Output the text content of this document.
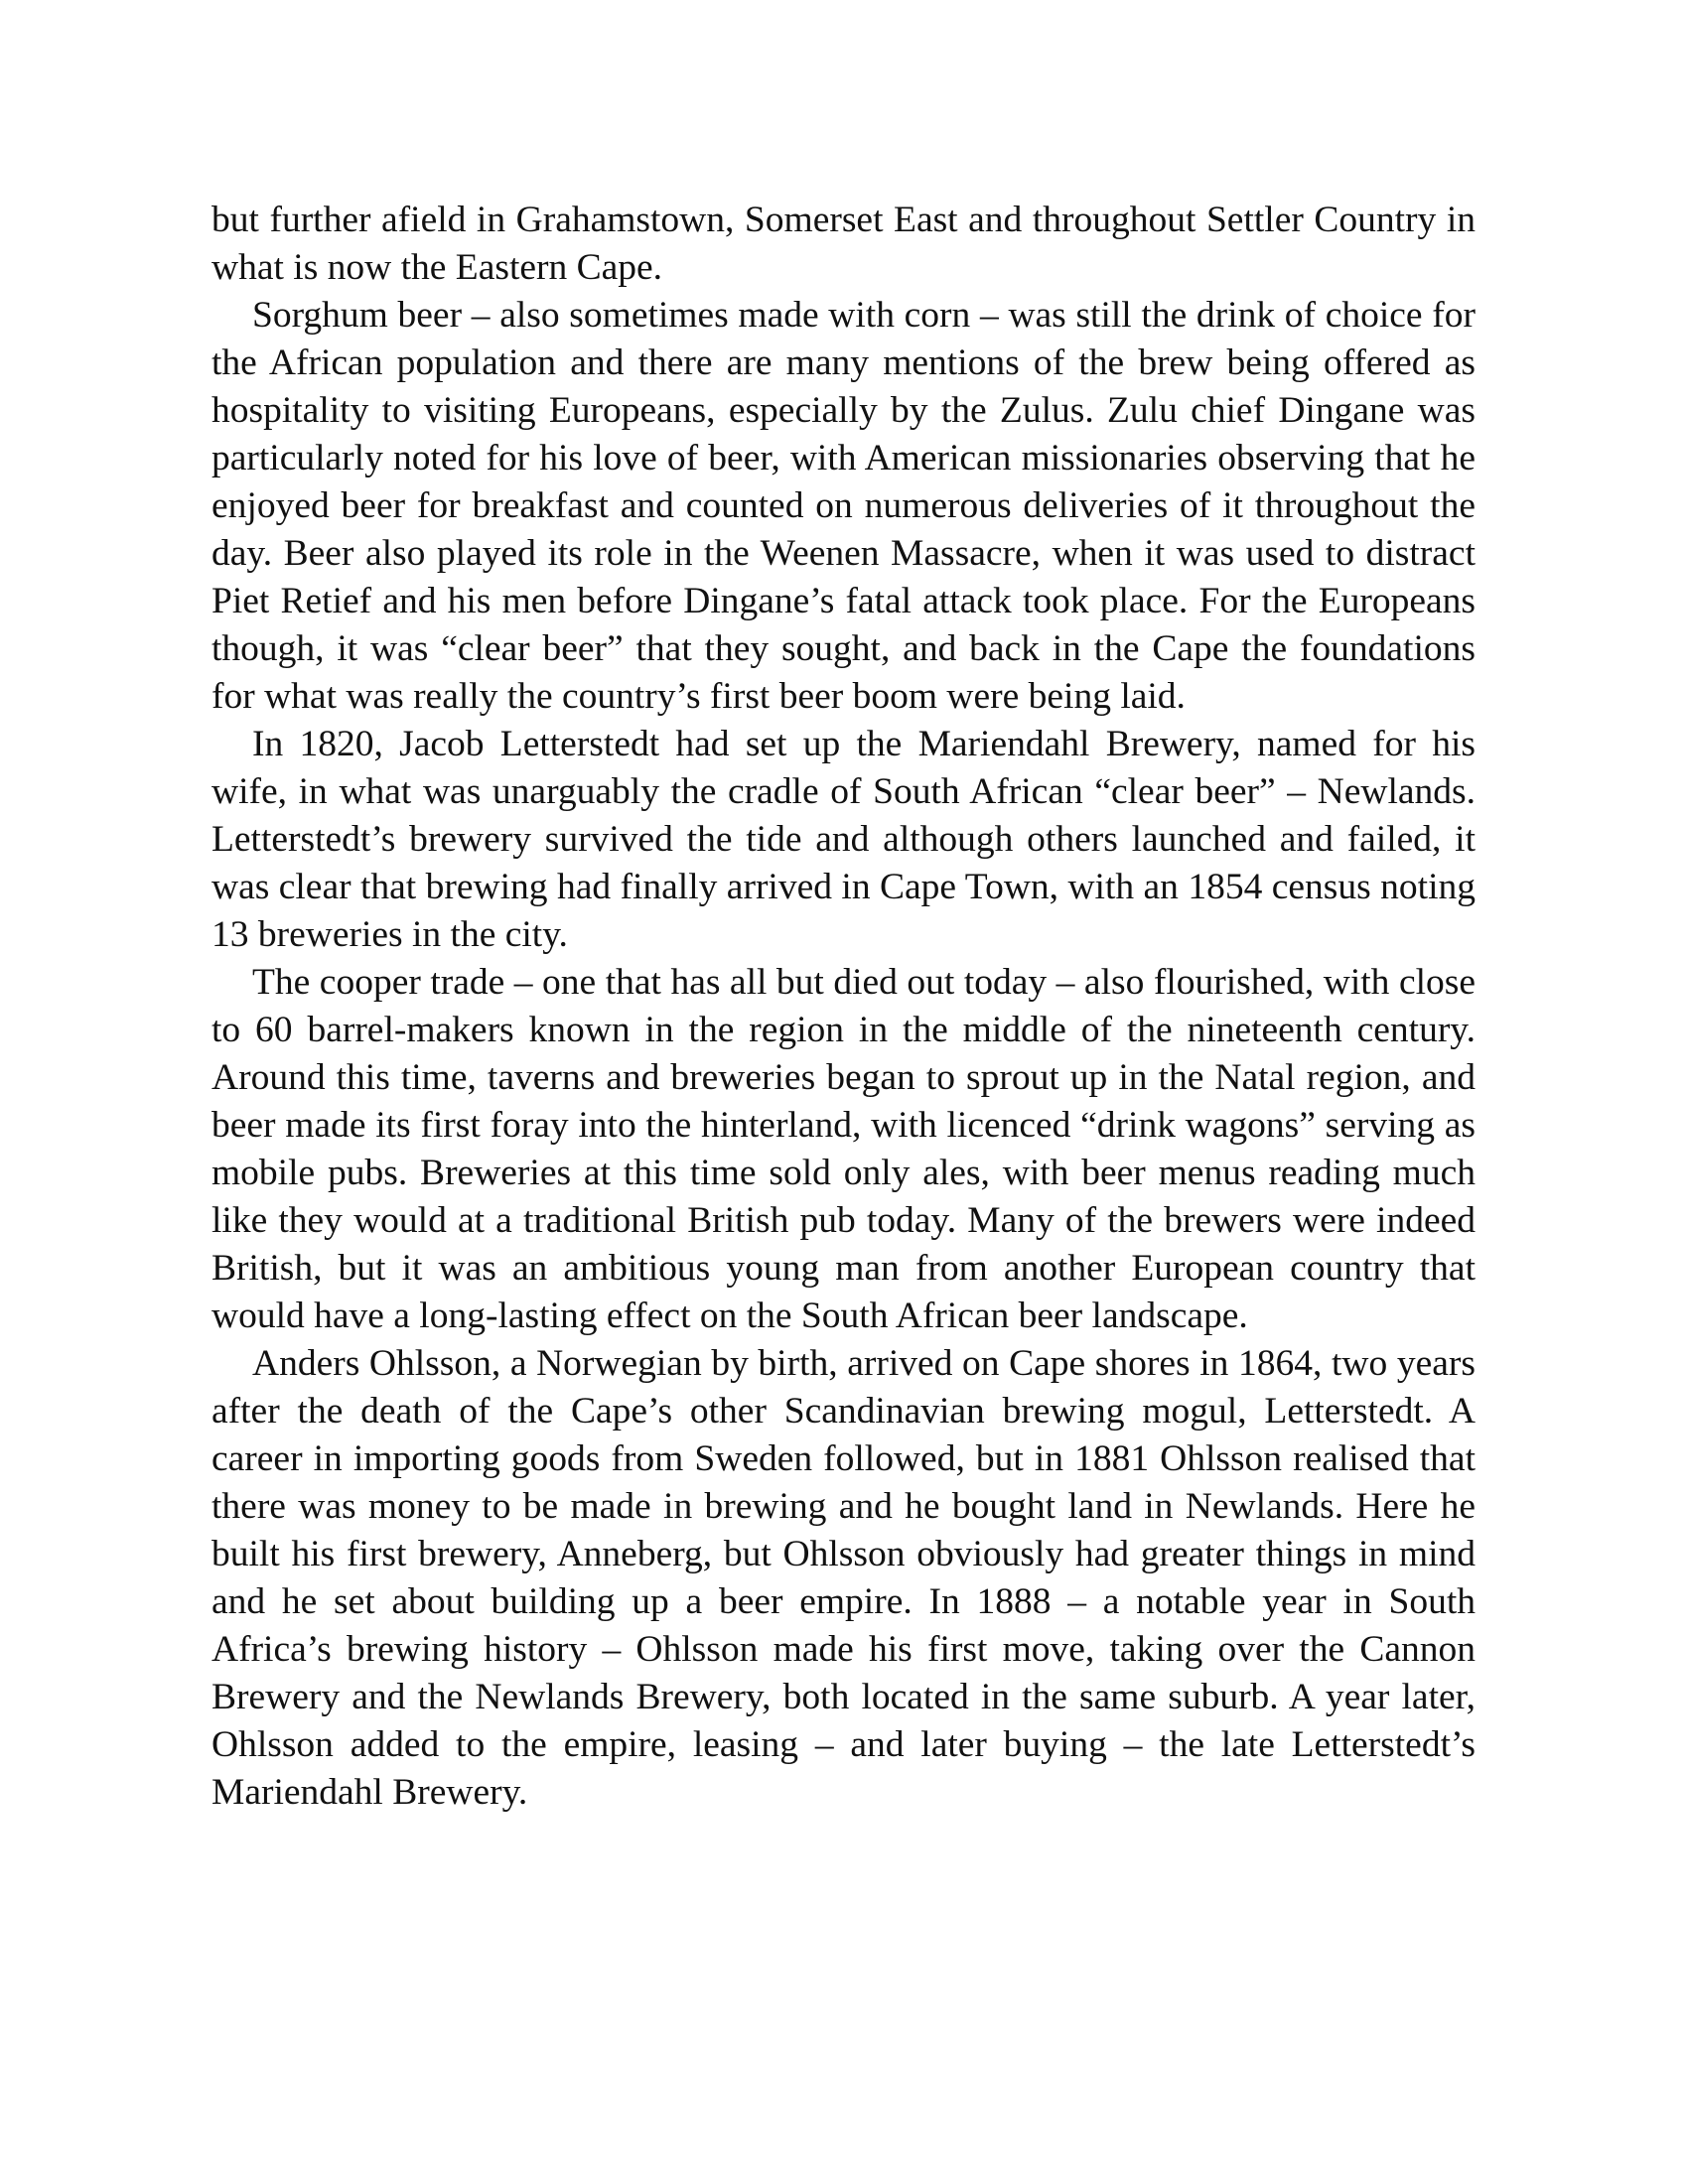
but further afield in Grahamstown, Somerset East and throughout Settler Country in what is now the Eastern Cape.

Sorghum beer – also sometimes made with corn – was still the drink of choice for the African population and there are many mentions of the brew being offered as hospitality to visiting Europeans, especially by the Zulus. Zulu chief Dingane was particularly noted for his love of beer, with American missionaries observing that he enjoyed beer for breakfast and counted on numerous deliveries of it throughout the day. Beer also played its role in the Weenen Massacre, when it was used to distract Piet Retief and his men before Dingane’s fatal attack took place. For the Europeans though, it was “clear beer” that they sought, and back in the Cape the foundations for what was really the country’s first beer boom were being laid.

In 1820, Jacob Letterstedt had set up the Mariendahl Brewery, named for his wife, in what was unarguably the cradle of South African “clear beer” – Newlands. Letterstedt’s brewery survived the tide and although others launched and failed, it was clear that brewing had finally arrived in Cape Town, with an 1854 census noting 13 breweries in the city.

The cooper trade – one that has all but died out today – also flourished, with close to 60 barrel-makers known in the region in the middle of the nineteenth century. Around this time, taverns and breweries began to sprout up in the Natal region, and beer made its first foray into the hinterland, with licenced “drink wagons” serving as mobile pubs. Breweries at this time sold only ales, with beer menus reading much like they would at a traditional British pub today. Many of the brewers were indeed British, but it was an ambitious young man from another European country that would have a long-lasting effect on the South African beer landscape.

Anders Ohlsson, a Norwegian by birth, arrived on Cape shores in 1864, two years after the death of the Cape’s other Scandinavian brewing mogul, Letterstedt. A career in importing goods from Sweden followed, but in 1881 Ohlsson realised that there was money to be made in brewing and he bought land in Newlands. Here he built his first brewery, Anneberg, but Ohlsson obviously had greater things in mind and he set about building up a beer empire. In 1888 – a notable year in South Africa’s brewing history – Ohlsson made his first move, taking over the Cannon Brewery and the Newlands Brewery, both located in the same suburb. A year later, Ohlsson added to the empire, leasing – and later buying – the late Letterstedt’s Mariendahl Brewery.
